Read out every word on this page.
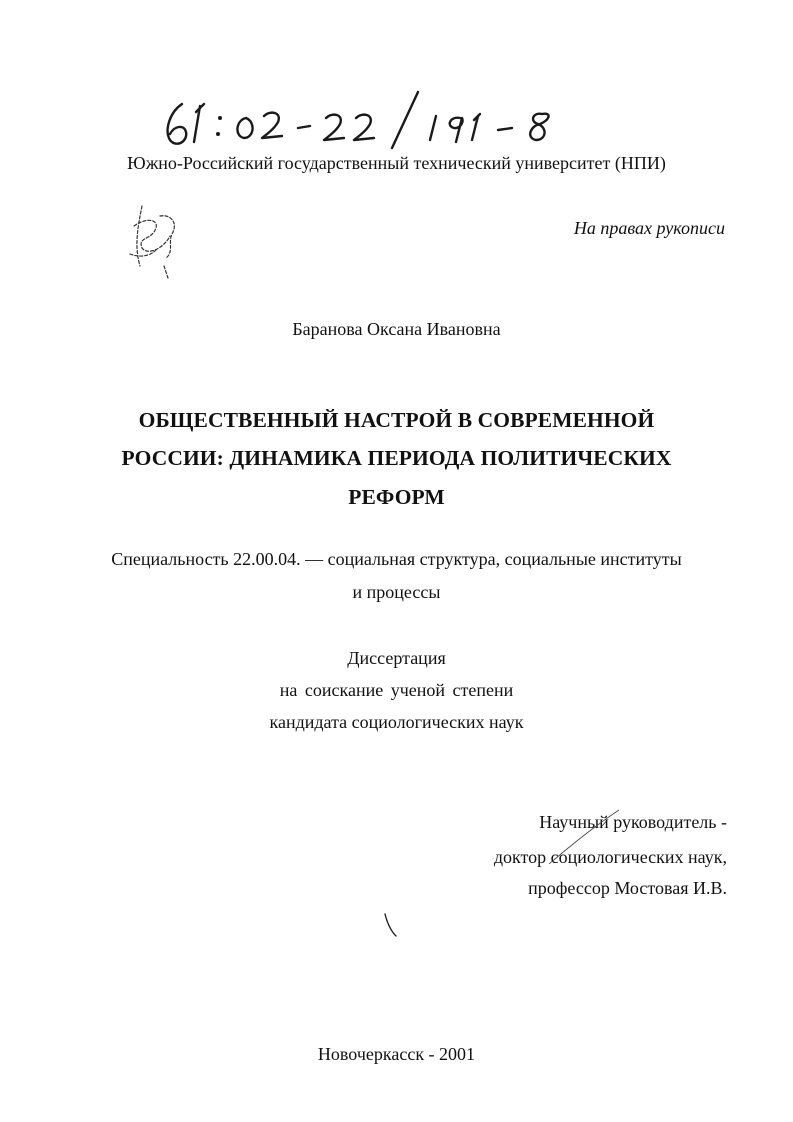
Южно-Российский государственный технический университет (НПИ)
На правах рукописи
Баранова Оксана Ивановна
ОБЩЕСТВЕННЫЙ НАСТРОЙ В СОВРЕМЕННОЙ
РОССИИ: ДИНАМИКА ПЕРИОДА ПОЛИТИЧЕСКИХ
РЕФОРМ
Специальность 22.00.04. — социальная структура, социальные институты
и процессы
Диссертация
на соискание ученой степени
кандидата социологических наук
Научный руководитель -
доктор социологических наук,
профессор Мостовая И.В.
Новочеркасск - 2001
